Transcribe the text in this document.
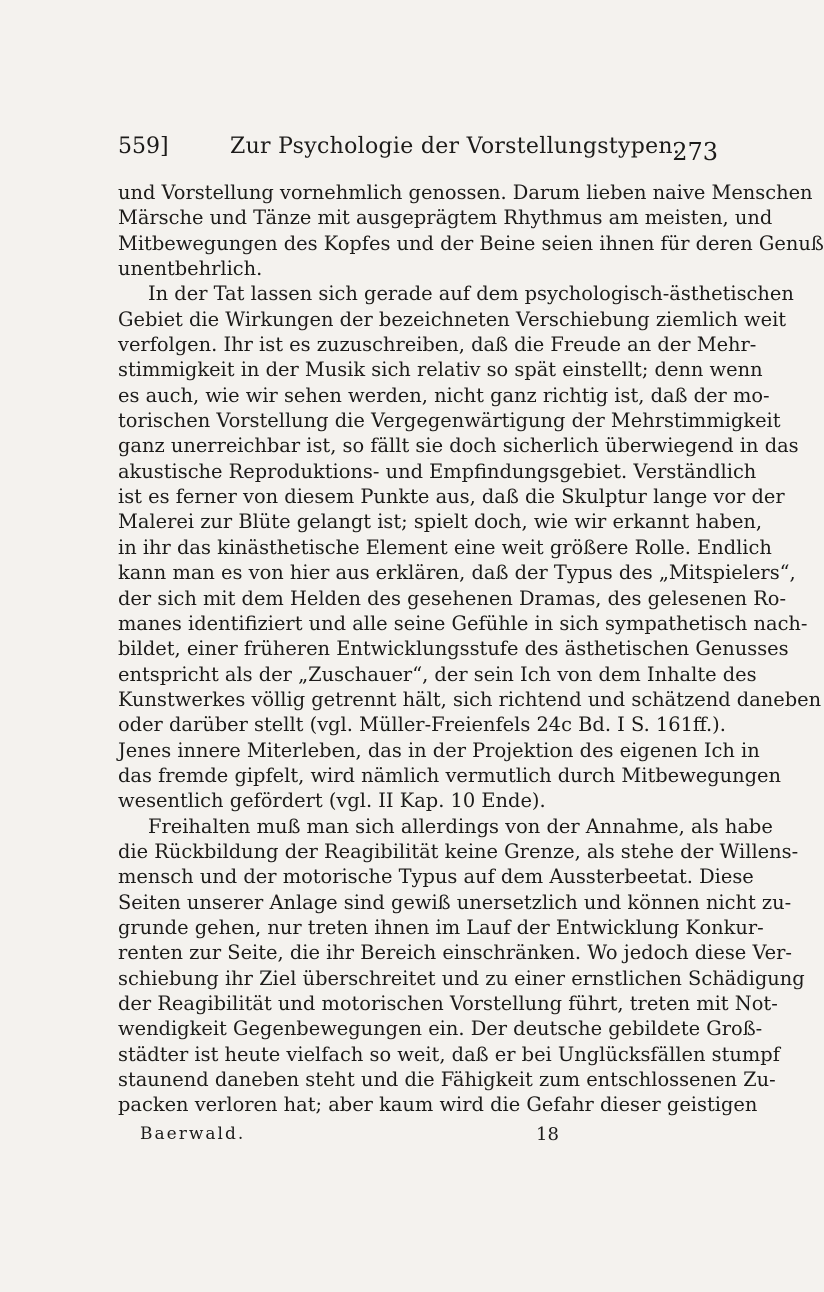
559]	Zur Psychologie der Vorstellungstypen.
273
und Vorstellung vornehmlich genossen. Darum lieben naive Menschen
Märsche und Tänze mit ausgeprägtem Rhythmus am meisten, und
Mitbewegungen des Kopfes und der Beine seien ihnen für deren Genuß
unentbehrlich.
In der Tat lassen sich gerade auf dem psychologisch-ästhetischen
Gebiet die Wirkungen der bezeichneten Verschiebung ziemlich weit
verfolgen. Ihr ist es zuzuschreiben, daß die Freude an der Mehr-
stimmigkeit in der Musik sich relativ so spät einstellt; denn wenn
es auch, wie wir sehen werden, nicht ganz richtig ist, daß der mo-
torischen Vorstellung die Vergegenwärtigung der Mehrstimmigkeit
ganz unerreichbar ist, so fällt sie doch sicherlich überwiegend in das
akustische Reproduktions- und Empfindungsgebiet. Verständlich
ist es ferner von diesem Punkte aus, daß die Skulptur lange vor der
Malerei zur Blüte gelangt ist; spielt doch, wie wir erkannt haben,
in ihr das kinästhetische Element eine weit größere Rolle. Endlich
kann man es von hier aus erklären, daß der Typus des „Mitspielers“,
der sich mit dem Helden des gesehenen Dramas, des gelesenen Ro-
manes identifiziert und alle seine Gefühle in sich sympathetisch nach-
bildet, einer früheren Entwicklungsstufe des ästhetischen Genusses
entspricht als der „Zuschauer“, der sein Ich von dem Inhalte des
Kunstwerkes völlig getrennt hält, sich richtend und schätzend daneben
oder darüber stellt (vgl. Müller-Freienfels 24c Bd. I S. 161ff.).
Jenes innere Miterleben, das in der Projektion des eigenen Ich in
das fremde gipfelt, wird nämlich vermutlich durch Mitbewegungen
wesentlich gefördert (vgl. II Kap. 10 Ende).
Freihalten muß man sich allerdings von der Annahme, als habe
die Rückbildung der Reagibilität keine Grenze, als stehe der Willens-
mensch und der motorische Typus auf dem Aussterbeetat. Diese
Seiten unserer Anlage sind gewiß unersetzlich und können nicht zu-
grunde gehen, nur treten ihnen im Lauf der Entwicklung Konkur-
renten zur Seite, die ihr Bereich einschränken. Wo jedoch diese Ver-
schiebung ihr Ziel überschreitet und zu einer ernstlichen Schädigung
der Reagibilität und motorischen Vorstellung führt, treten mit Not-
wendigkeit Gegenbewegungen ein. Der deutsche gebildete Groß-
städter ist heute vielfach so weit, daß er bei Unglücksfällen stumpf
staunend daneben steht und die Fähigkeit zum entschlossenen Zu-
packen verloren hat; aber kaum wird die Gefahr dieser geistigen
Baerwald.	18
